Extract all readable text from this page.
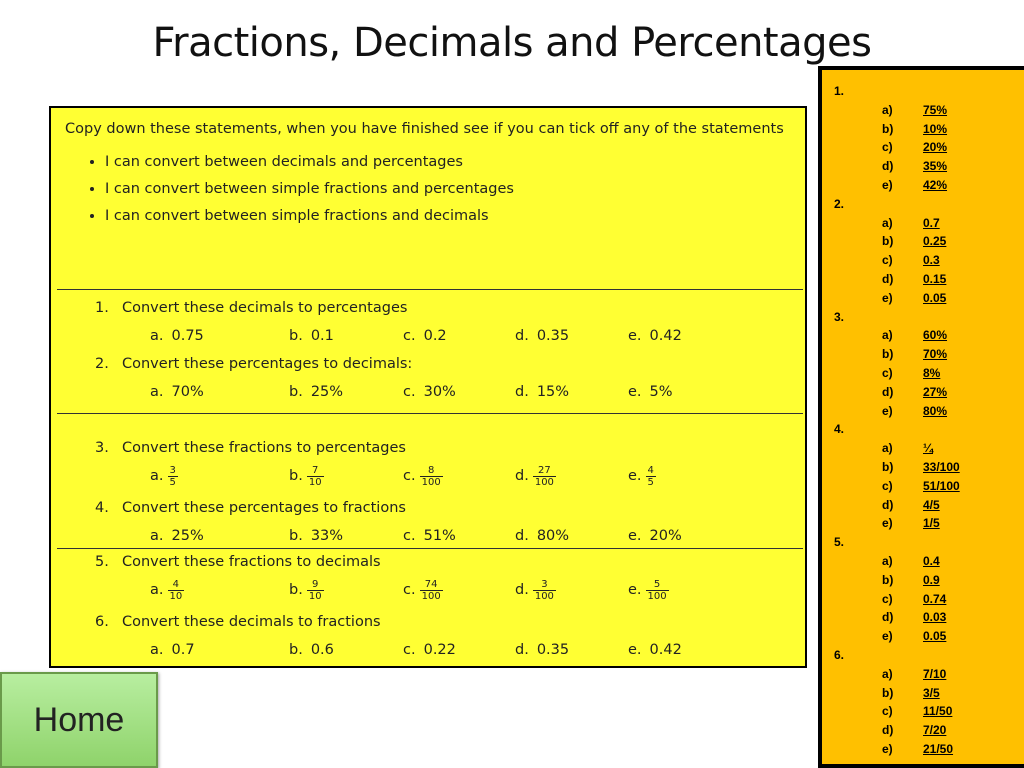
Fractions, Decimals and Percentages
Copy down these statements, when you have finished see if you can tick off any of the statements
• I can convert between decimals and percentages
• I can convert between simple fractions and percentages
• I can convert between simple fractions and decimals
1. Convert these decimals to percentages
a. 0.75	b. 0.1	c. 0.2	d. 0.35	e. 0.42
2. Convert these percentages to decimals:
a. 70%	b. 25%	c. 30%	d. 15%	e. 5%
3. Convert these fractions to percentages
a. $\frac{3}{5}$	b. $\frac{7}{10}$	c. $\frac{8}{100}$	d. $\frac{27}{100}$	e. $\frac{4}{5}$
4. Convert these percentages to fractions
a. 25%	b. 33%	c. 51%	d. 80%	e. 20%
5. Convert these fractions to decimals
a. $\frac{4}{10}$	b. $\frac{9}{10}$	c. $\frac{74}{100}$	d. $\frac{3}{100}$	e. $\frac{5}{100}$
6. Convert these decimals to fractions
a. 0.7	b. 0.6	c. 0.22	d. 0.35	e. 0.42
1.
a)	75%
b) 10%
c)	20%
d) 35%
e)	42%
2.
a)	0.7
b) 0.25
c)	0.3
d) 0.15
e)	0.05
3.
a)	60%
b) 70%
c)	8%
d) 27%
e)	80%
4.
a)	¼
b) 33/100
c)	51/100
d) 4/5
e)	1/5
5.
a)	0.4
b) 0.9
c)	0.74
d) 0.03
e)	0.05
6.
a)	7/10
b) 3/5
c)	11/50
d) 7/20
e)	21/50
Home
